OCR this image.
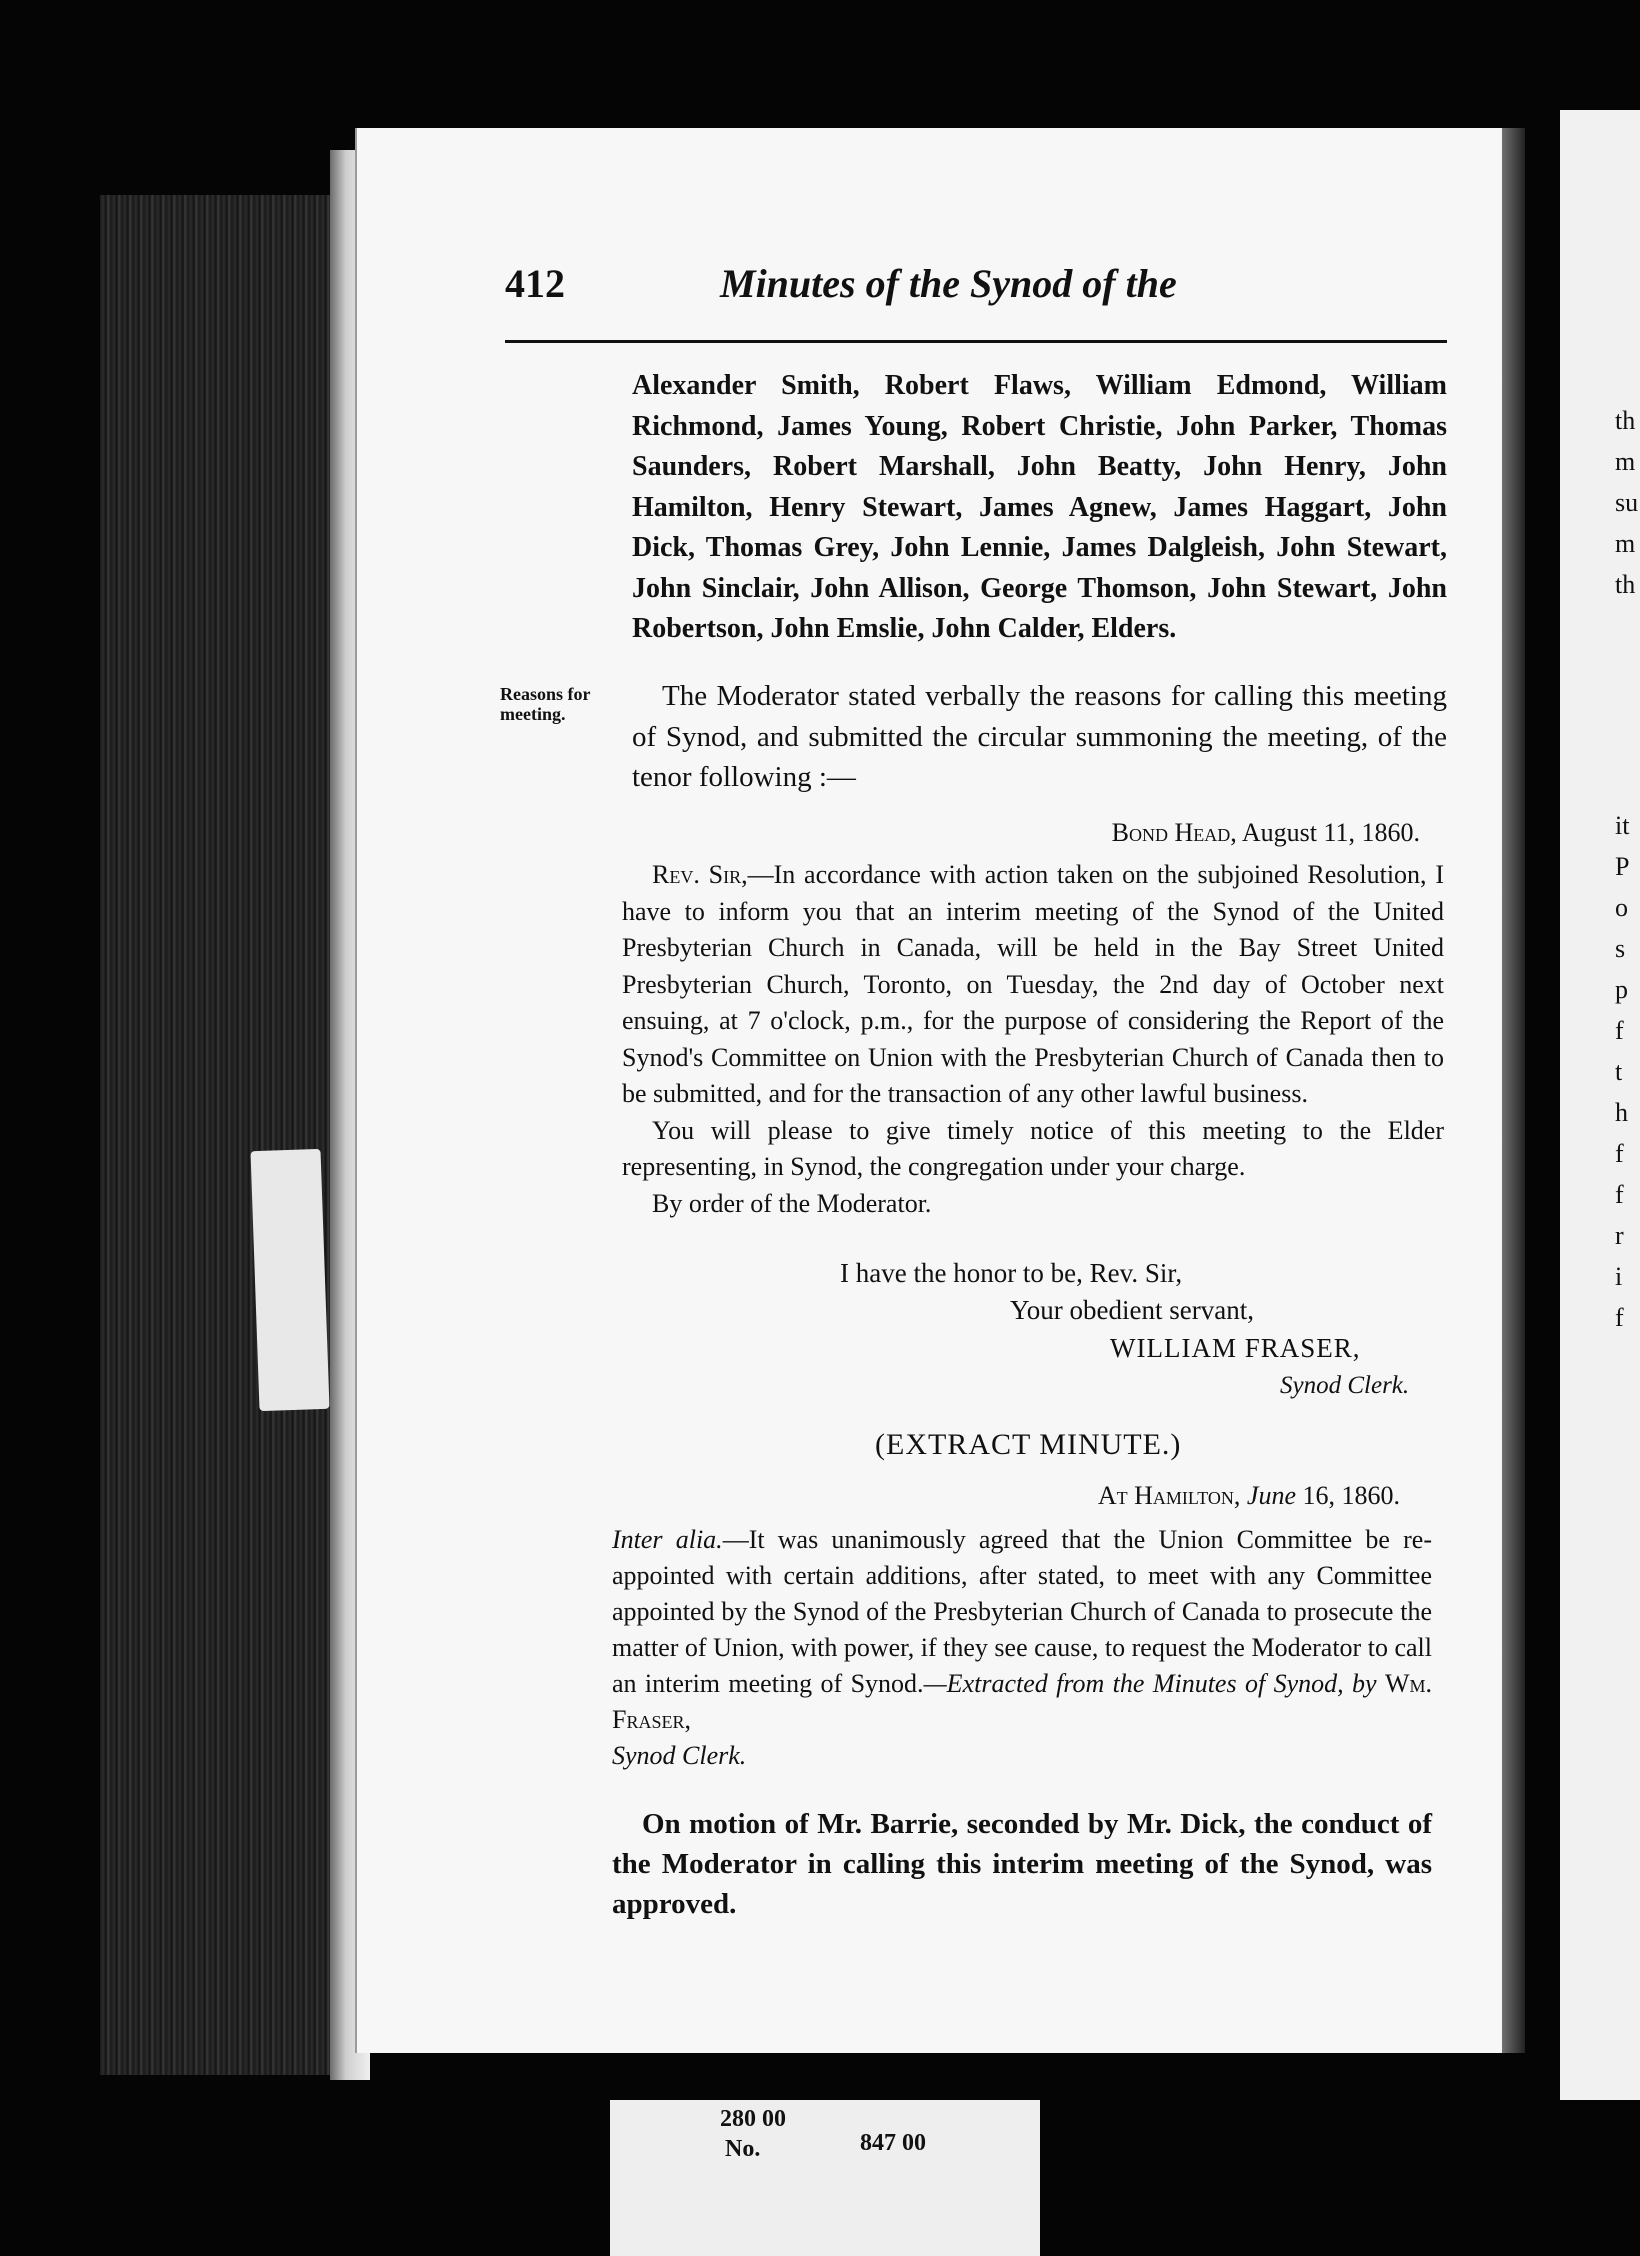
th
m
su
m
th
it
P
o
s
p
f
t
h
f
f
r
i
f
412	Minutes of the Synod of the
Alexander Smith, Robert Flaws, William Edmond, William Richmond, James Young, Robert Christie, John Parker, Thomas Saunders, Robert Marshall, John Beatty, John Henry, John Hamilton, Henry Stewart, James Agnew, James Haggart, John Dick, Thomas Grey, John Lennie, James Dalgleish, John Stewart, John Sinclair, John Allison, George Thomson, John Stewart, John Robertson, John Emslie, John Calder, Elders.
Reasons for meeting.
The Moderator stated verbally the reasons for calling this meeting of Synod, and submitted the circular summoning the meeting, of the tenor following :—
Bond Head, August 11, 1860.

Rev. Sir,—In accordance with action taken on the subjoined Resolution, I have to inform you that an interim meeting of the Synod of the United Presbyterian Church in Canada, will be held in the Bay Street United Presbyterian Church, Toronto, on Tuesday, the 2nd day of October next ensuing, at 7 o'clock, p.m., for the purpose of considering the Report of the Synod's Committee on Union with the Presbyterian Church of Canada then to be submitted, and for the transaction of any other lawful business.

You will please to give timely notice of this meeting to the Elder representing, in Synod, the congregation under your charge.

By order of the Moderator.

I have the honor to be, Rev. Sir,
Your obedient servant,
WILLIAM FRASER,
Synod Clerk.
(EXTRACT MINUTE.)
At Hamilton, June 16, 1860.

Inter alia.—It was unanimously agreed that the Union Committee be re-appointed with certain additions, after stated, to meet with any Committee appointed by the Synod of the Presbyterian Church of Canada to prosecute the matter of Union, with power, if they see cause, to request the Moderator to call an interim meeting of Synod.—Extracted from the Minutes of Synod, by Wm. Fraser,
Synod Clerk.

On motion of Mr. Barrie, seconded by Mr. Dick, the conduct of the Moderator in calling this interim meeting of the Synod, was approved.

280 00
847 00
No.
